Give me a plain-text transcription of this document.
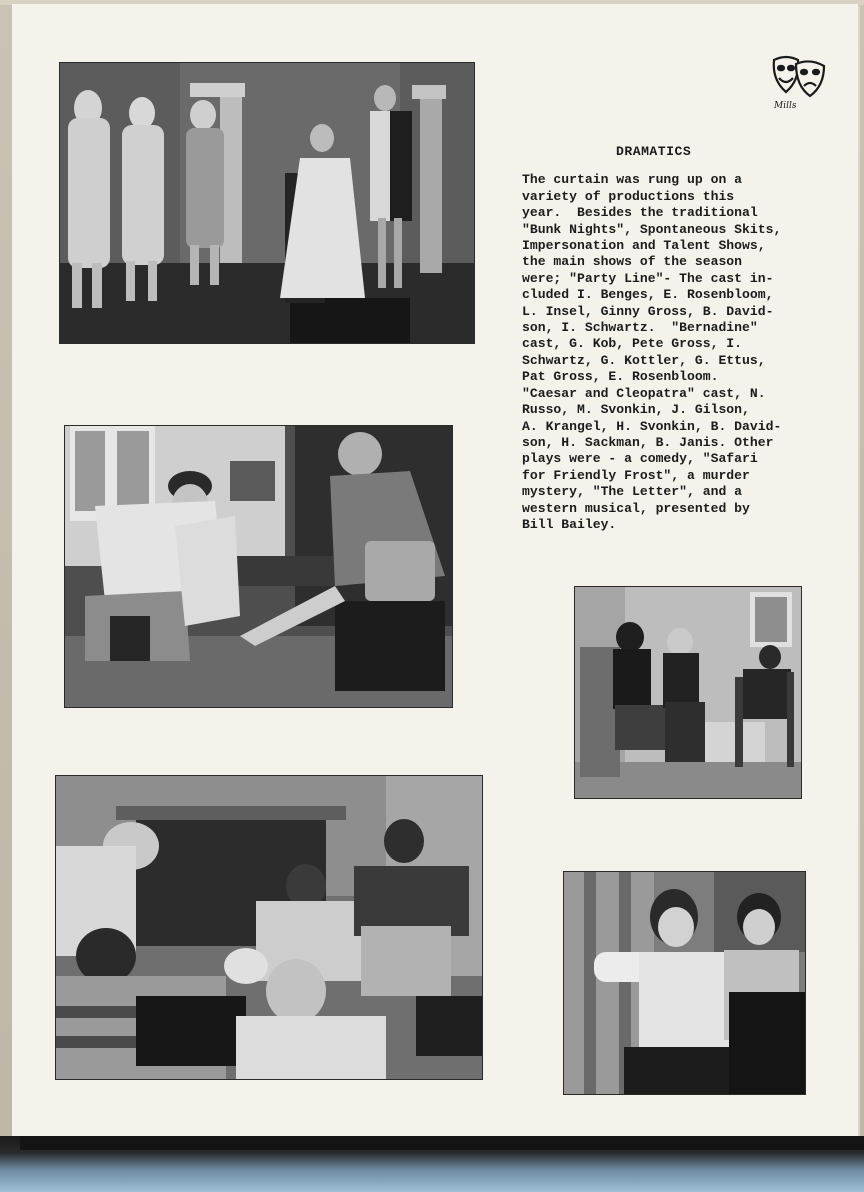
Mills
DRAMATICS
The curtain was rung up on a
variety of productions this
year.  Besides the traditional
"Bunk Nights", Spontaneous Skits,
Impersonation and Talent Shows,
the main shows of the season
were; "Party Line"- The cast in-
cluded I. Benges, E. Rosenbloom,
L. Insel, Ginny Gross, B. David-
son, I. Schwartz.  "Bernadine"
cast, G. Kob, Pete Gross, I.
Schwartz, G. Kottler, G. Ettus,
Pat Gross, E. Rosenbloom.
"Caesar and Cleopatra" cast, N.
Russo, M. Svonkin, J. Gilson,
A. Krangel, H. Svonkin, B. David-
son, H. Sackman, B. Janis. Other
plays were - a comedy, "Safari
for Friendly Frost", a murder
mystery, "The Letter", and a
western musical, presented by
Bill Bailey.
